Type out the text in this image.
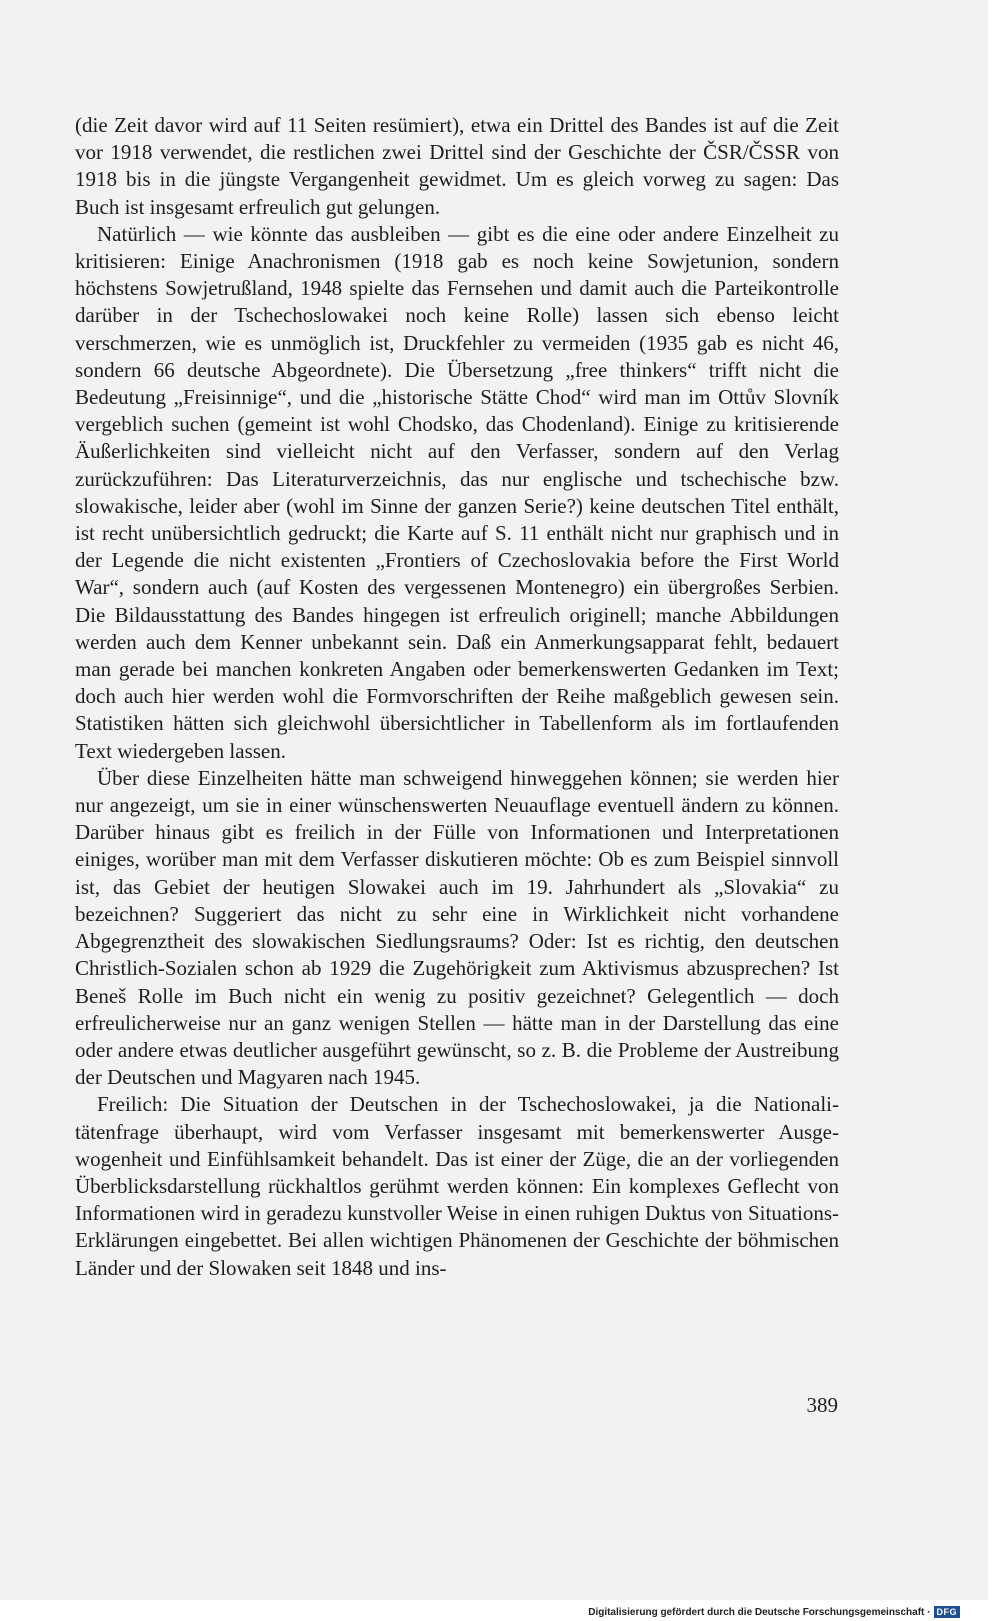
(die Zeit davor wird auf 11 Seiten resümiert), etwa ein Drittel des Bandes ist auf die Zeit vor 1918 verwendet, die restlichen zwei Drittel sind der Geschichte der ČSR/ČSSR von 1918 bis in die jüngste Vergangenheit gewidmet. Um es gleich vorweg zu sagen: Das Buch ist insgesamt erfreulich gut gelungen.

Natürlich — wie könnte das ausbleiben — gibt es die eine oder andere Einzelheit zu kritisieren: Einige Anachronismen (1918 gab es noch keine Sowjetunion, sondern höchstens Sowjetrußland, 1948 spielte das Fernsehen und damit auch die Parteikontrolle darüber in der Tschechoslowakei noch keine Rolle) lassen sich ebenso leicht verschmerzen, wie es unmöglich ist, Druckfehler zu vermeiden (1935 gab es nicht 46, sondern 66 deutsche Abgeordnete). Die Übersetzung „free thinkers“ trifft nicht die Bedeutung „Freisinnige“, und die „historische Stätte Chod“ wird man im Ottův Slovník vergeblich suchen (gemeint ist wohl Chodsko, das Chodenland). Einige zu kritisierende Äußerlichkeiten sind vielleicht nicht auf den Verfasser, sondern auf den Verlag zurückzuführen: Das Literaturverzeichnis, das nur englische und tschechische bzw. slowakische, leider aber (wohl im Sinne der ganzen Serie?) keine deutschen Titel enthält, ist recht unübersichtlich gedruckt; die Karte auf S. 11 enthält nicht nur graphisch und in der Legende die nicht existenten „Frontiers of Czechoslovakia before the First World War“, sondern auch (auf Kosten des vergessenen Montenegro) ein übergroßes Serbien. Die Bildausstattung des Bandes hingegen ist erfreulich originell; manche Abbildungen werden auch dem Kenner unbekannt sein. Daß ein Anmerkungsapparat fehlt, bedauert man gerade bei manchen konkreten Angaben oder bemerkenswerten Gedanken im Text; doch auch hier werden wohl die Formvorschriften der Reihe maßgeblich gewesen sein. Statistiken hätten sich gleichwohl übersichtlicher in Tabellenform als im fortlaufenden Text wiedergeben lassen.

Über diese Einzelheiten hätte man schweigend hinweggehen können; sie werden hier nur angezeigt, um sie in einer wünschenswerten Neuauflage eventuell ändern zu können. Darüber hinaus gibt es freilich in der Fülle von Informationen und Interpretationen einiges, worüber man mit dem Verfasser diskutieren möchte: Ob es zum Beispiel sinnvoll ist, das Gebiet der heutigen Slowakei auch im 19. Jahrhundert als „Slovakia“ zu bezeichnen? Suggeriert das nicht zu sehr eine in Wirklichkeit nicht vorhandene Abgegrenztheit des slowakischen Siedlungsraums? Oder: Ist es richtig, den deutschen Christlich-Sozialen schon ab 1929 die Zugehörigkeit zum Aktivismus abzusprechen? Ist Beneš Rolle im Buch nicht ein wenig zu positiv gezeichnet? Gelegentlich — doch erfreulicherweise nur an ganz wenigen Stellen — hätte man in der Darstellung das eine oder andere etwas deutlicher ausgeführt gewünscht, so z. B. die Probleme der Austreibung der Deutschen und Magyaren nach 1945.

Freilich: Die Situation der Deutschen in der Tschechoslowakei, ja die Nationalitätenfrage überhaupt, wird vom Verfasser insgesamt mit bemerkenswerter Ausgewogenheit und Einfühlsamkeit behandelt. Das ist einer der Züge, die an der vorliegenden Überblicksdarstellung rückhaltlos gerühmt werden können: Ein komplexes Geflecht von Informationen wird in geradezu kunstvoller Weise in einen ruhigen Duktus von Situations-Erklärungen eingebettet. Bei allen wichtigen Phänomenen der Geschichte der böhmischen Länder und der Slowaken seit 1848 und ins-

389
Digitalisierung gefördert durch die Deutsche Forschungsgemeinschaft · DFG
